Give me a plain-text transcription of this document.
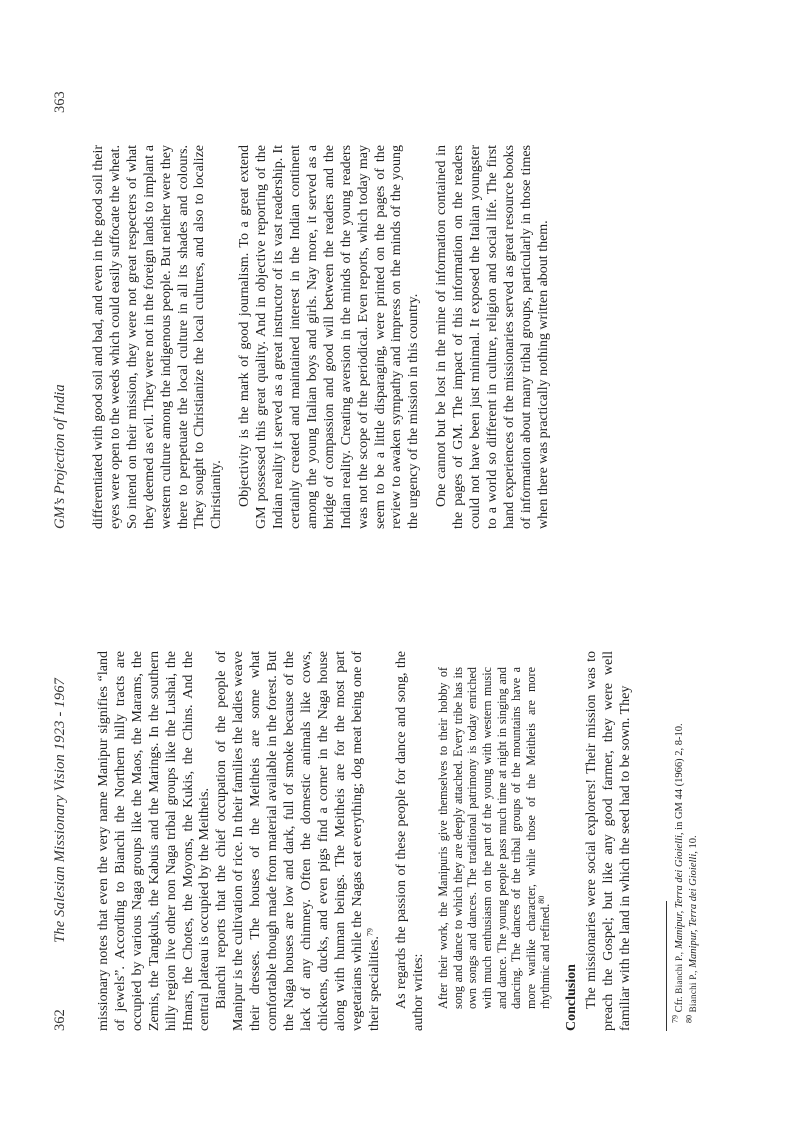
362
The Salesian Missionary Vision 1923 - 1967 missionary notes that even the very name Manipur signifies “land of jewels”. According to Bianchi the Northern hilly tracts are occupied by various Naga groups like the Maos, the Marams, the Zemis, the Tangkuls, the Kabuis and the Marings. In the southern hilly region live other non Naga tribal groups like the Lushai, the Hmars, the Chotes, the Moyons, the Kukis, the Chins. And the central plateau is occupied by the Meitheis. Bianchi reports that the chief occupation of the people of Manipur is the cultivation of rice. In their families the ladies weave their dresses. The houses of the Meitheis are some what comfortable though made from material available in the forest. But the Naga houses are low and dark, full of smoke because of the lack of any chimney. Often the domestic animals like cows, chickens, ducks, and even pigs find a corner in the Naga house along with human beings. The Meitheis are for the most part vegetarians while the Nagas eat everything; dog meat being one of their specialities.$^{79}$	As regards the passion of these people for dance and song, the author writes: After their work, the Manipuris give themselves to their hobby of song and dance to which they are deeply attached. Every tribe has its own songs and dances. The traditional patrimony is today enriched with much enthusiasm on the part of the young with western music and dance. The young people pass much time at night in singing and dancing. The dances of the tribal groups of the mountains have a more warlike character, while those of the Meitheis are more rhythmic and refined.$^{80}$
Conclusion The missionaries were social explorers! Their mission was to preach the Gospel; but like any good farmer, they were well familiar with the land in which the seed had to be sown. They	$^{79}$ Cfr. Bianchi P., Manipur, Terra dei Gioielli, in GM 44 (1966) 2, 8-10.
$^{80}$ Bianchi P., Manipur, Terra dei Gioielli, 10.
GM’s Projection of India
363

differentiated with good soil and bad, and even in the good soil their eyes were open to the weeds which could easily suffocate the wheat. So intend on their mission, they were not great respecters of what they deemed as evil. They were not in the foreign lands to implant a western culture among the indigenous people. But neither were they there to perpetuate the local culture in all its shades and colours. They sought to Christianize the local cultures, and also to localize Christianity. Objectivity is the mark of good journalism. To a great extend GM possessed this great quality. And in objective reporting of the Indian reality it served as a great instructor of its vast readership. It certainly created and maintained interest in the Indian continent among the young Italian boys and girls. Nay more, it served as a bridge of compassion and good will between the readers and the Indian reality. Creating aversion in the minds of the young readers was not the scope of the periodical. Even reports, which today may seem to be a little disparaging, were printed on the pages of the review to awaken sympathy and impress on the minds of the young the urgency of the mission in this country. One cannot but be lost in the mine of information contained in the pages of GM. The impact of this information on the readers could not have been just minimal. It exposed the Italian youngster to a world so different in culture, religion and social life. The first hand experiences of the missionaries served as great resource books of information about many tribal groups, particularly in those times when there was practically nothing written about them.
